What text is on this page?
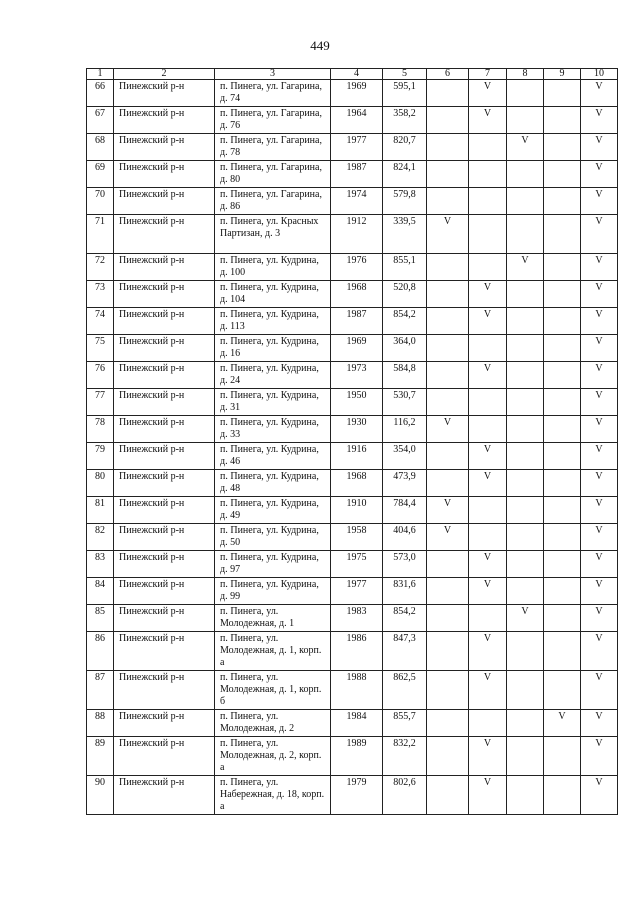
449
1	2	3	4	5	6	7	8	9	10
66	Пинежский р-н	п. Пинега, ул. Гагарина, д. 74	1969	595,1		V			V
67	Пинежский р-н	п. Пинега, ул. Гагарина, д. 76	1964	358,2		V			V
68	Пинежский р-н	п. Пинега, ул. Гагарина, д. 78	1977	820,7			V		V
69	Пинежский р-н	п. Пинега, ул. Гагарина, д. 80	1987	824,1					V
70	Пинежский р-н	п. Пинега, ул. Гагарина, д. 86	1974	579,8					V
71	Пинежский р-н	п. Пинега, ул. Красных Партизан, д. 3	1912	339,5	V				V
72	Пинежский р-н	п. Пинега, ул. Кудрина, д. 100	1976	855,1			V		V
73	Пинежский р-н	п. Пинега, ул. Кудрина, д. 104	1968	520,8		V			V
74	Пинежский р-н	п. Пинега, ул. Кудрина, д. 113	1987	854,2		V			V
75	Пинежский р-н	п. Пинега, ул. Кудрина, д. 16	1969	364,0					V
76	Пинежский р-н	п. Пинега, ул. Кудрина, д. 24	1973	584,8		V			V
77	Пинежский р-н	п. Пинега, ул. Кудрина, д. 31	1950	530,7					V
78	Пинежский р-н	п. Пинега, ул. Кудрина, д. 33	1930	116,2	V				V
79	Пинежский р-н	п. Пинега, ул. Кудрина, д. 46	1916	354,0		V			V
80	Пинежский р-н	п. Пинега, ул. Кудрина, д. 48	1968	473,9		V			V
81	Пинежский р-н	п. Пинега, ул. Кудрина, д. 49	1910	784,4	V				V
82	Пинежский р-н	п. Пинега, ул. Кудрина, д. 50	1958	404,6	V				V
83	Пинежский р-н	п. Пинега, ул. Кудрина, д. 97	1975	573,0		V			V
84	Пинежский р-н	п. Пинега, ул. Кудрина, д. 99	1977	831,6		V			V
85	Пинежский р-н	п. Пинега, ул. Молодежная, д. 1	1983	854,2			V		V
86	Пинежский р-н	п. Пинега, ул. Молодежная, д. 1, корп. а	1986	847,3		V			V
87	Пинежский р-н	п. Пинега, ул. Молодежная, д. 1, корп. б	1988	862,5		V			V
88	Пинежский р-н	п. Пинега, ул. Молодежная, д. 2	1984	855,7				V	V
89	Пинежский р-н	п. Пинега, ул. Молодежная, д. 2, корп. а	1989	832,2		V			V
90	Пинежский р-н	п. Пинега, ул. Набережная, д. 18, корп. а	1979	802,6		V			V
